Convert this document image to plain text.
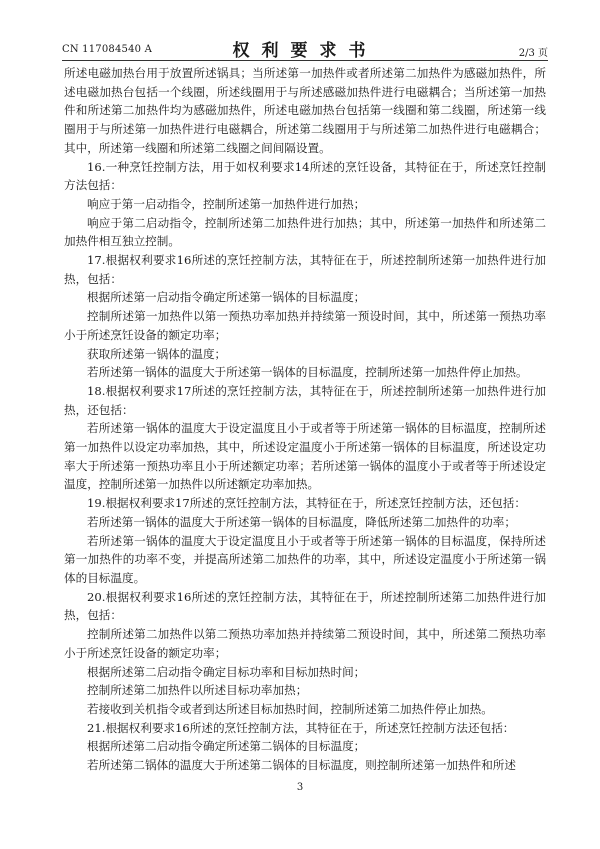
CN 117084540 A	权利要求书	2/3 页

所述电磁加热台用于放置所述锅具；当所述第一加热件或者所述第二加热件为感磁加热件，所述电磁加热台包括一个线圈，所述线圈用于与所述感磁加热件进行电磁耦合；当所述第一加热件和所述第二加热件均为感磁加热件，所述电磁加热台包括第一线圈和第二线圈，所述第一线圈用于与所述第一加热件进行电磁耦合，所述第二线圈用于与所述第二加热件进行电磁耦合；其中，所述第一线圈和所述第二线圈之间间隔设置。

16.一种烹饪控制方法，用于如权利要求14所述的烹饪设备，其特征在于，所述烹饪控制方法包括：

响应于第一启动指令，控制所述第一加热件进行加热；

响应于第二启动指令，控制所述第二加热件进行加热；其中，所述第一加热件和所述第二加热件相互独立控制。

17.根据权利要求16所述的烹饪控制方法，其特征在于，所述控制所述第一加热件进行加热，包括：

根据所述第一启动指令确定所述第一锅体的目标温度；

控制所述第一加热件以第一预热功率加热并持续第一预设时间，其中，所述第一预热功率小于所述烹饪设备的额定功率；

获取所述第一锅体的温度；

若所述第一锅体的温度大于所述第一锅体的目标温度，控制所述第一加热件停止加热。

18.根据权利要求17所述的烹饪控制方法，其特征在于，所述控制所述第一加热件进行加热，还包括：

若所述第一锅体的温度大于设定温度且小于或者等于所述第一锅体的目标温度，控制所述第一加热件以设定功率加热，其中，所述设定温度小于所述第一锅体的目标温度，所述设定功率大于所述第一预热功率且小于所述额定功率；若所述第一锅体的温度小于或者等于所述设定温度，控制所述第一加热件以所述额定功率加热。

19.根据权利要求17所述的烹饪控制方法，其特征在于，所述烹饪控制方法，还包括：

若所述第一锅体的温度大于所述第一锅体的目标温度，降低所述第二加热件的功率；

若所述第一锅体的温度大于设定温度且小于或者等于所述第一锅体的目标温度，保持所述第一加热件的功率不变，并提高所述第二加热件的功率，其中，所述设定温度小于所述第一锅体的目标温度。

20.根据权利要求16所述的烹饪控制方法，其特征在于，所述控制所述第二加热件进行加热，包括：

控制所述第二加热件以第二预热功率加热并持续第二预设时间，其中，所述第二预热功率小于所述烹饪设备的额定功率；

根据所述第二启动指令确定目标功率和目标加热时间；

控制所述第二加热件以所述目标功率加热；

若接收到关机指令或者到达所述目标加热时间，控制所述第二加热件停止加热。

21.根据权利要求16所述的烹饪控制方法，其特征在于，所述烹饪控制方法还包括：

根据所述第二启动指令确定所述第二锅体的目标温度；

若所述第二锅体的温度大于所述第二锅体的目标温度，则控制所述第一加热件和所述

3
